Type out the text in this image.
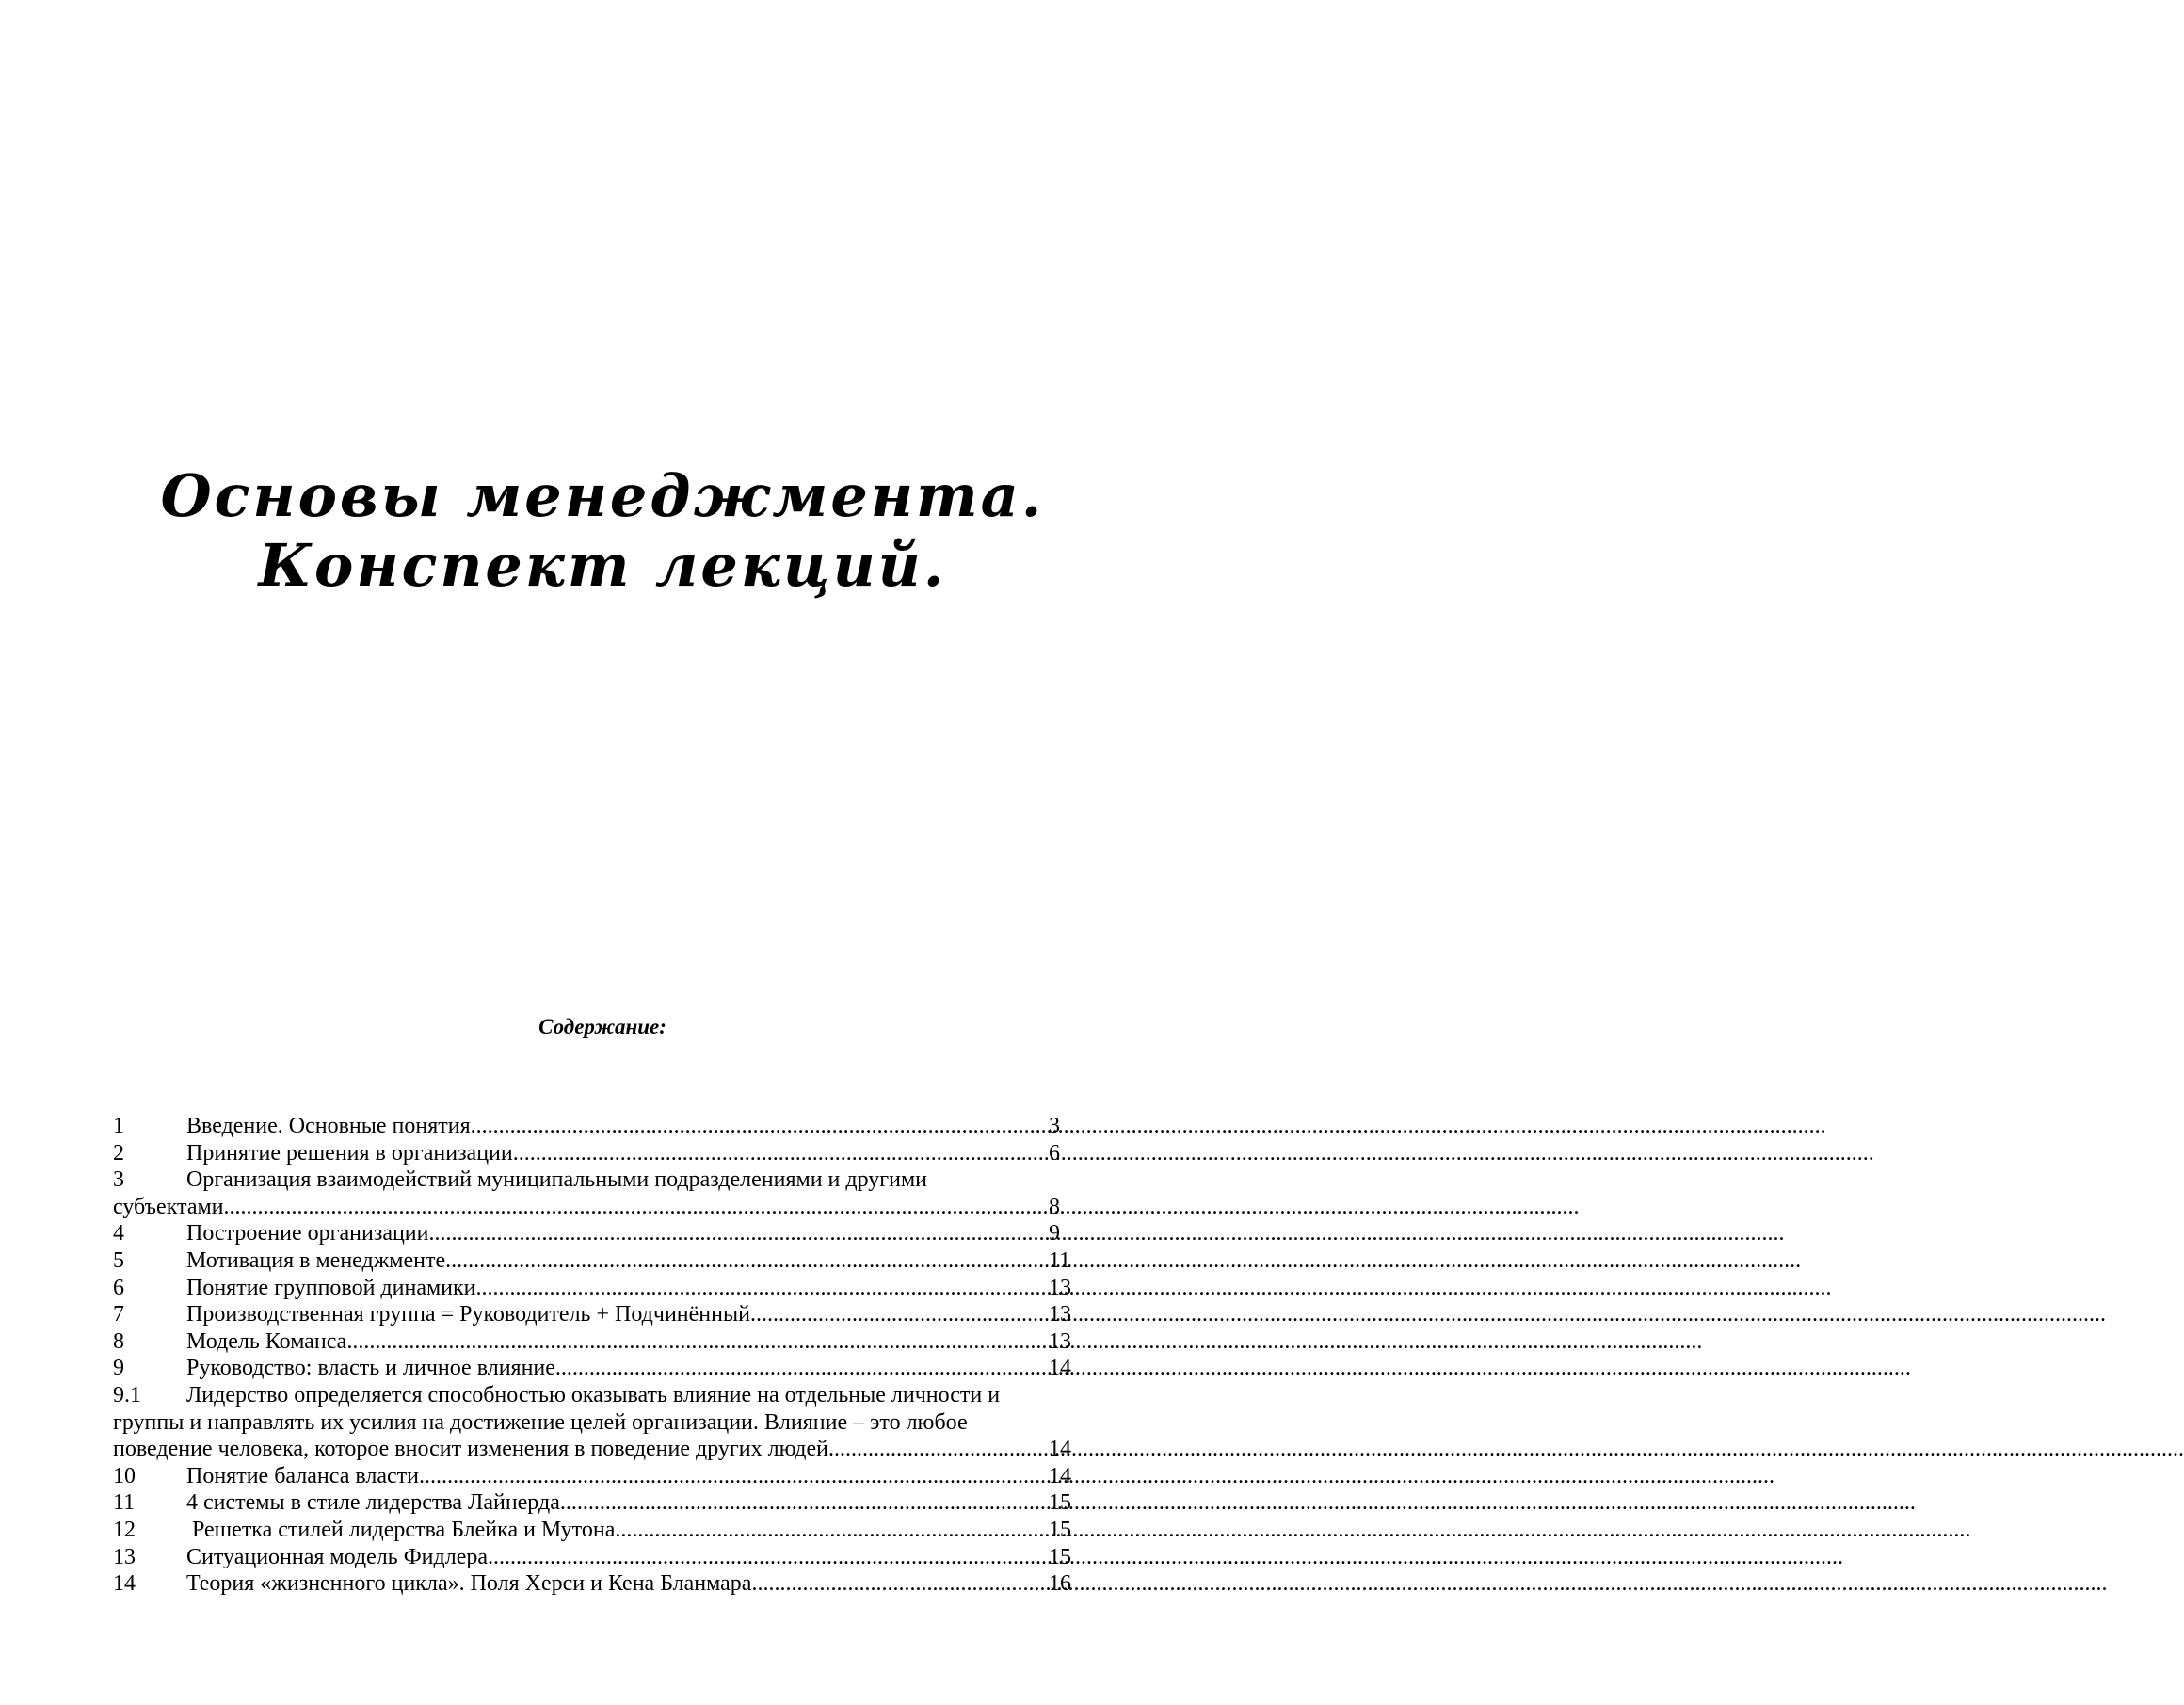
Основы менеджмента.
Конспект лекций.
Содержание:
1	Введение. Основные понятия .....	3
2	Принятие решения в организации. .....	6
3	Организация взаимодействий муниципальными подразделениями и другими
субъектами .....	8
4	Построение организации .....	9
5	Мотивация в менеджменте .....	11
6	Понятие групповой динамики .....	13
7	Производственная группа = Руководитель + Подчинённый .....	13
8	Модель Команса .....	13
9	Руководство: власть и личное влияние .....	14
9.1	Лидерство определяется способностью оказывать влияние на отдельные личности и
группы и направлять их усилия на достижение целей организации. Влияние – это любое
поведение человека, которое вносит изменения в поведение других людей .....	14
10	Понятие баланса власти .....	14
11	4 системы в стиле лидерства Лайнерда .....	15
12	Решетка стилей лидерства Блейка и Мутона .....	15
13	Ситуационная модель Фидлера .....	15
14	Теория «жизненного цикла». Поля Херси и Кена Бланмара .....	16
